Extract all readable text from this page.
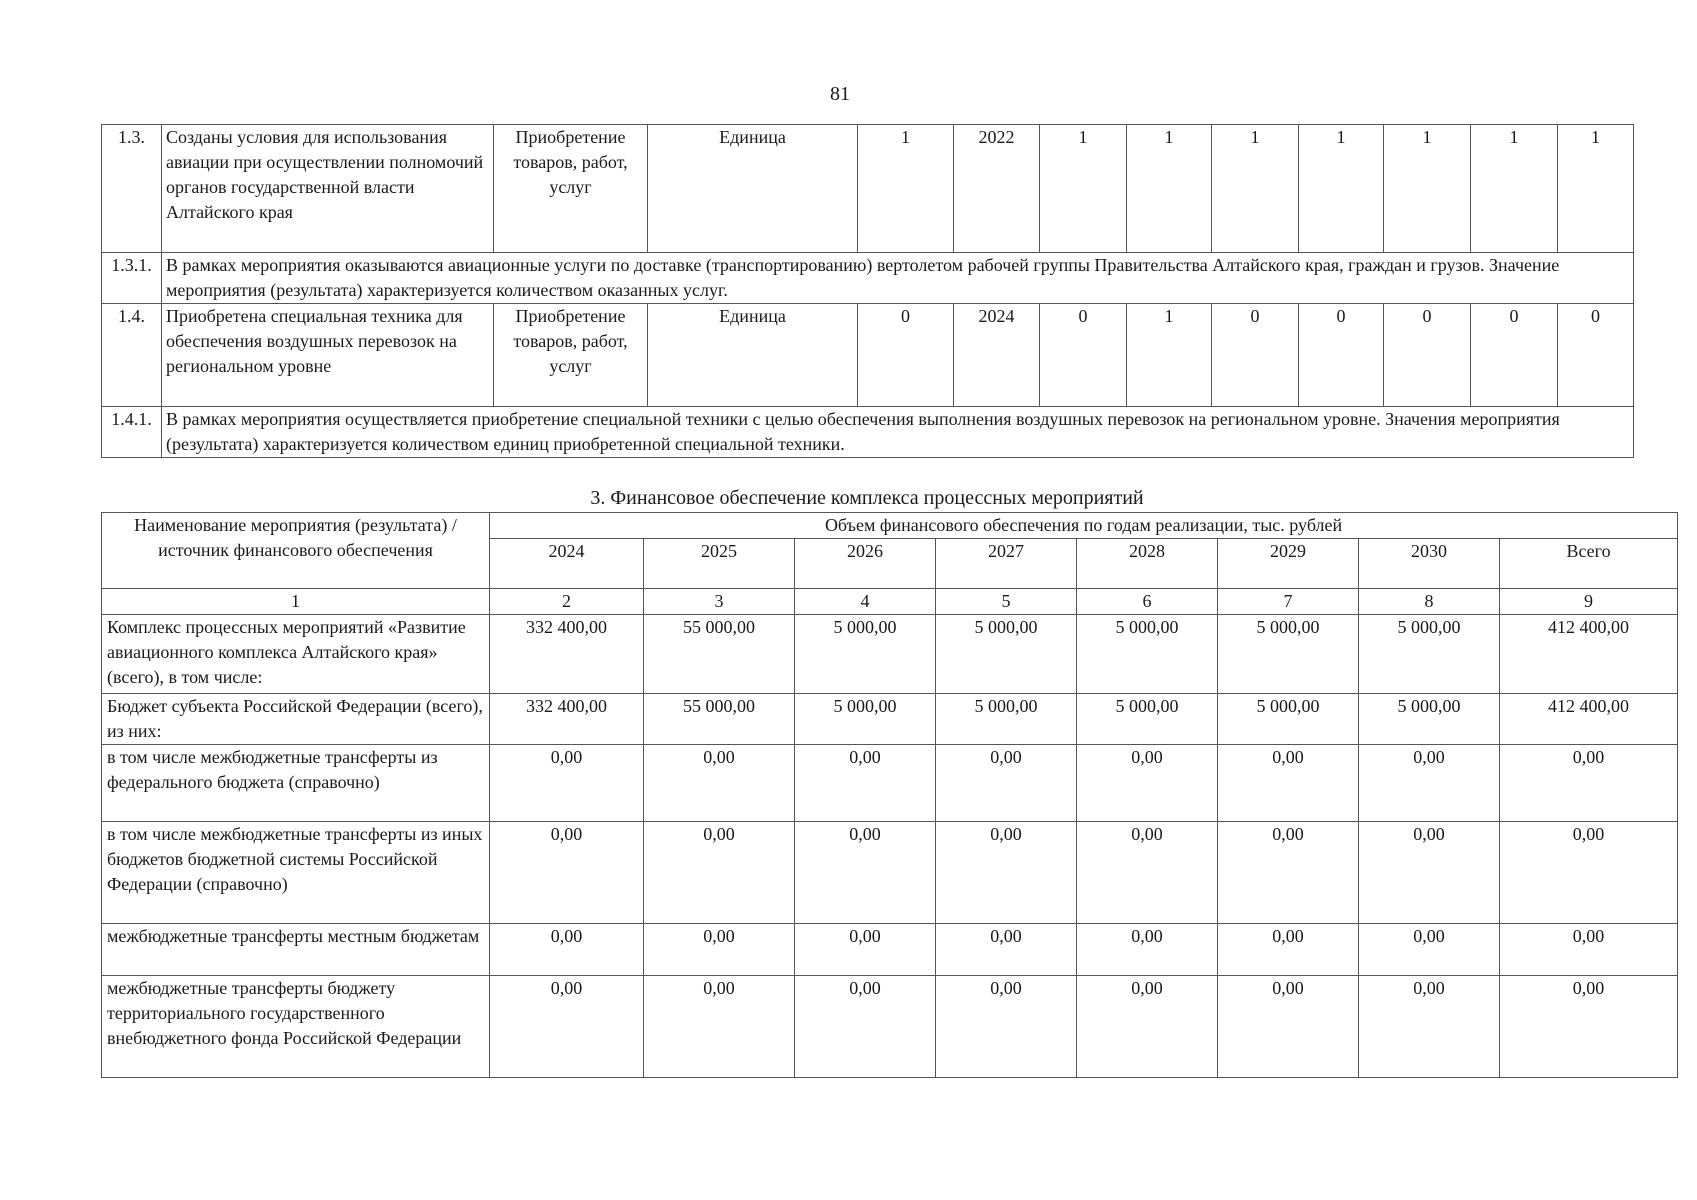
81
1.3.	Созданы условия для использования авиации при осуществлении полномочий органов государственной власти Алтайского края	Приобретение товаров, работ, услуг	Единица	1	2022	1	1	1	1	1	1	1
1.3.1.	В рамках мероприятия оказываются авиационные услуги по доставке (транспортированию) вертолетом рабочей группы Правительства Алтайского края, граждан и грузов. Значение мероприятия (результата) характеризуется количеством оказанных услуг.											
1.4.	Приобретена специальная техника для обеспечения воздушных перевозок на региональном уровне	Приобретение товаров, работ, услуг	Единица	0	2024	0	1	0	0	0	0	0
1.4.1.	В рамках мероприятия осуществляется приобретение специальной техники с целью обеспечения выполнения воздушных перевозок на региональном уровне. Значения мероприятия (результата) характеризуется количеством единиц приобретенной специальной техники.											
3. Финансовое обеспечение комплекса процессных мероприятий
Наименование мероприятия (результата) / источник финансового обеспечения	Объем финансового обеспечения по годам реализации, тыс. рублей							
	2024	2025	2026	2027	2028	2029	2030	Всего
1	2	3	4	5	6	7	8	9
Комплекс процессных мероприятий «Развитие авиационного комплекса Алтайского края» (всего), в том числе:	332 400,00	55 000,00	5 000,00	5 000,00	5 000,00	5 000,00	5 000,00	412 400,00
Бюджет субъекта Российской Федерации (всего), из них:	332 400,00	55 000,00	5 000,00	5 000,00	5 000,00	5 000,00	5 000,00	412 400,00
в том числе межбюджетные трансферты из федерального бюджета (справочно)	0,00	0,00	0,00	0,00	0,00	0,00	0,00	0,00
в том числе межбюджетные трансферты из иных бюджетов бюджетной системы Российской Федерации (справочно)	0,00	0,00	0,00	0,00	0,00	0,00	0,00	0,00
межбюджетные трансферты местным бюджетам	0,00	0,00	0,00	0,00	0,00	0,00	0,00	0,00
межбюджетные трансферты бюджету территориального государственного внебюджетного фонда Российской Федерации	0,00	0,00	0,00	0,00	0,00	0,00	0,00	0,00
